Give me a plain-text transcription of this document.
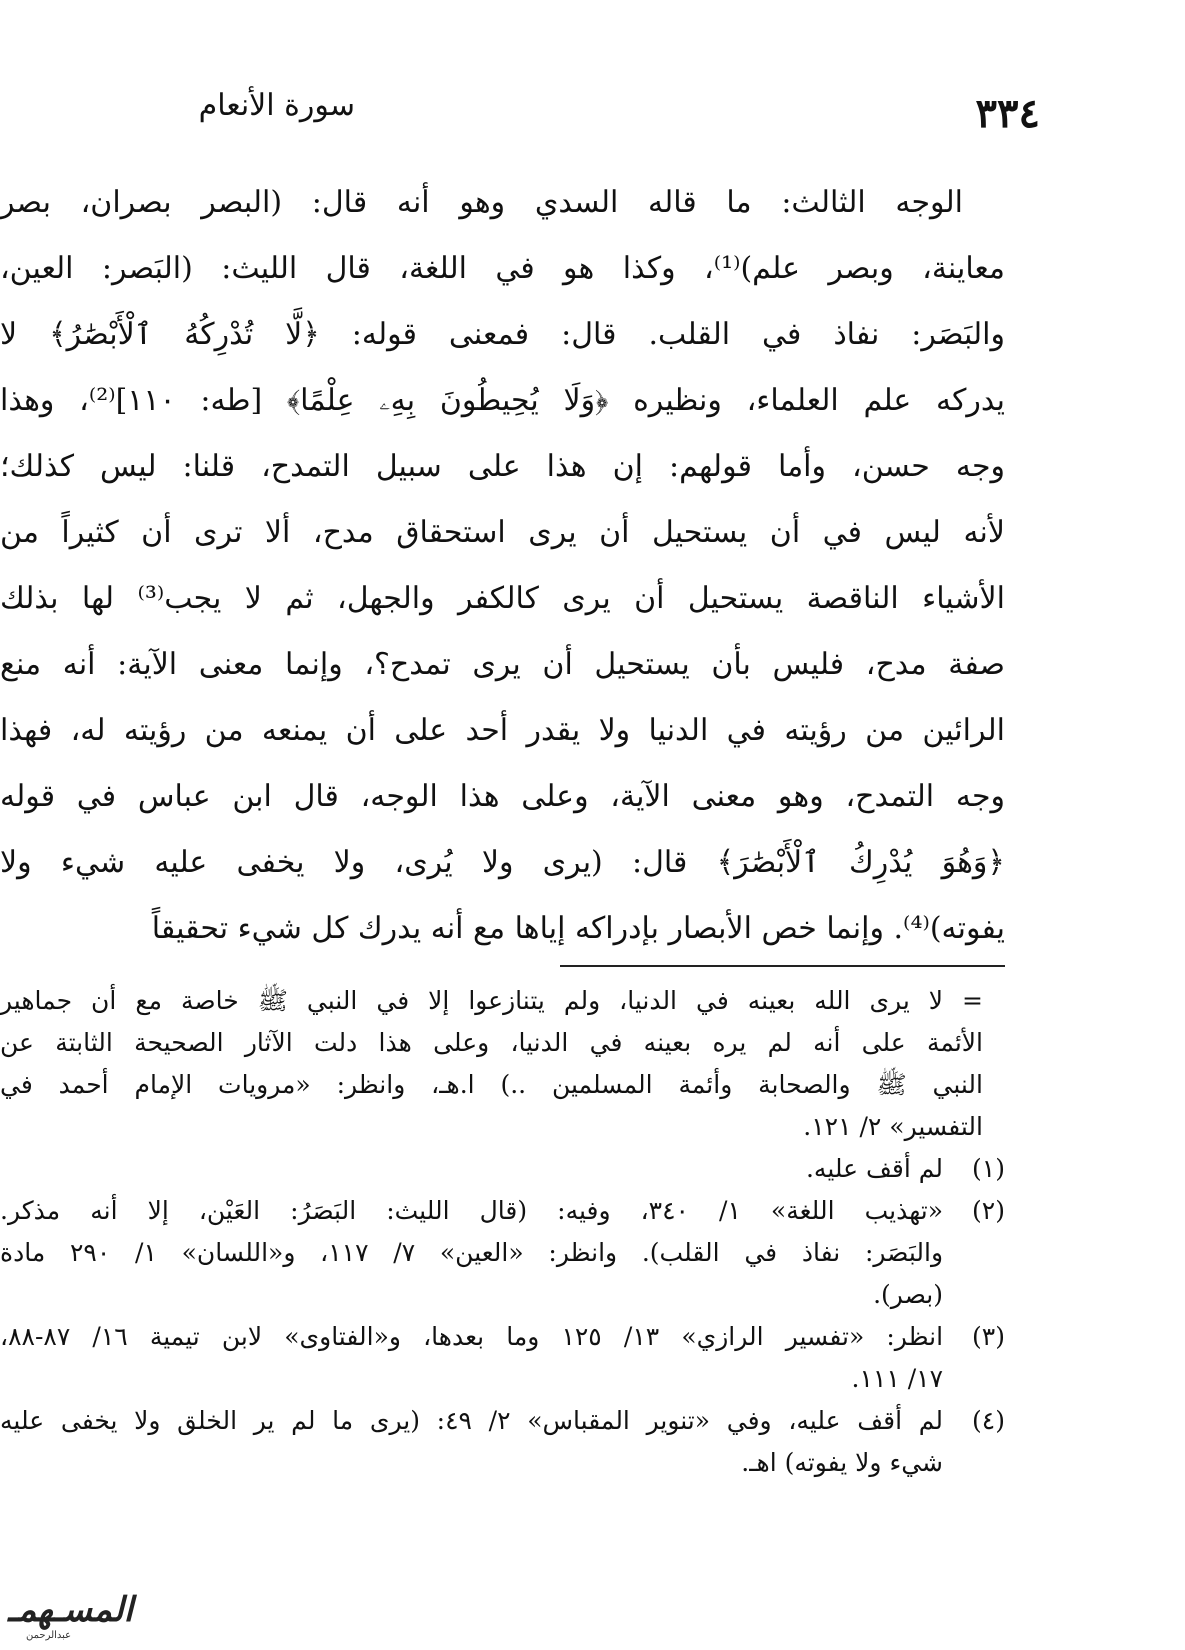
سورة الأنعام	٣٣٤
الوجه الثالث: ما قاله السدي وهو أنه قال: (البصر بصران، بصر
معاينة، وبصر علم)⁽¹⁾، وكذا هو في اللغة، قال الليث: (البَصر: العين،
والبَصَر: نفاذ في القلب. قال: فمعنى قوله: ﴿لَّا تُدْرِكُهُ ٱلْأَبْصَٰرُ﴾ لا
يدركه علم العلماء، ونظيره ﴿وَلَا يُحِيطُونَ بِهِۦ عِلْمًا﴾ [طه: ١١٠]⁽²⁾، وهذا
وجه حسن، وأما قولهم: إن هذا على سبيل التمدح، قلنا: ليس كذلك؛
لأنه ليس في أن يستحيل أن يرى استحقاق مدح، ألا ترى أن كثيراً من
الأشياء الناقصة يستحيل أن يرى كالكفر والجهل، ثم لا يجب⁽³⁾ لها بذلك
صفة مدح، فليس بأن يستحيل أن يرى تمدح؟، وإنما معنى الآية: أنه منع
الرائين من رؤيته في الدنيا ولا يقدر أحد على أن يمنعه من رؤيته له، فهذا
وجه التمدح، وهو معنى الآية، وعلى هذا الوجه، قال ابن عباس في قوله
﴿وَهُوَ يُدْرِكُ ٱلْأَبْصَٰرَ﴾ قال: (يرى ولا يُرى، ولا يخفى عليه شيء ولا
يفوته)⁽⁴⁾. وإنما خص الأبصار بإدراكه إياها مع أنه يدرك كل شيء تحقيقاً
= لا يرى الله بعينه في الدنيا، ولم يتنازعوا إلا في النبي ﷺ خاصة مع أن جماهير
الأئمة على أنه لم يره بعينه في الدنيا، وعلى هذا دلت الآثار الصحيحة الثابتة عن
النبي ﷺ والصحابة وأئمة المسلمين ..) ا.هـ، وانظر: «مرويات الإمام أحمد في
التفسير» ٢/ ١٢١.
(١)
لم أقف عليه.
(٢)
«تهذيب اللغة» ١/ ٣٤٠، وفيه: (قال الليث: البَصَرُ: العَيْن، إلا أنه مذكر.
والبَصَر: نفاذ في القلب). وانظر: «العين» ٧/ ١١٧، و«اللسان» ١/ ٢٩٠ مادة
(بصر).
(٣)
انظر: «تفسير الرازي» ١٣/ ١٢٥ وما بعدها، و«الفتاوى» لابن تيمية ١٦/ ٨٧-٨٨،
١٧/ ١١١.
(٤)
لم أقف عليه، وفي «تنوير المقباس» ٢/ ٤٩: (يرى ما لم ير الخلق ولا يخفى عليه
شيء ولا يفوته) اهـ.
المسـهمـ
عبدالرحمن
